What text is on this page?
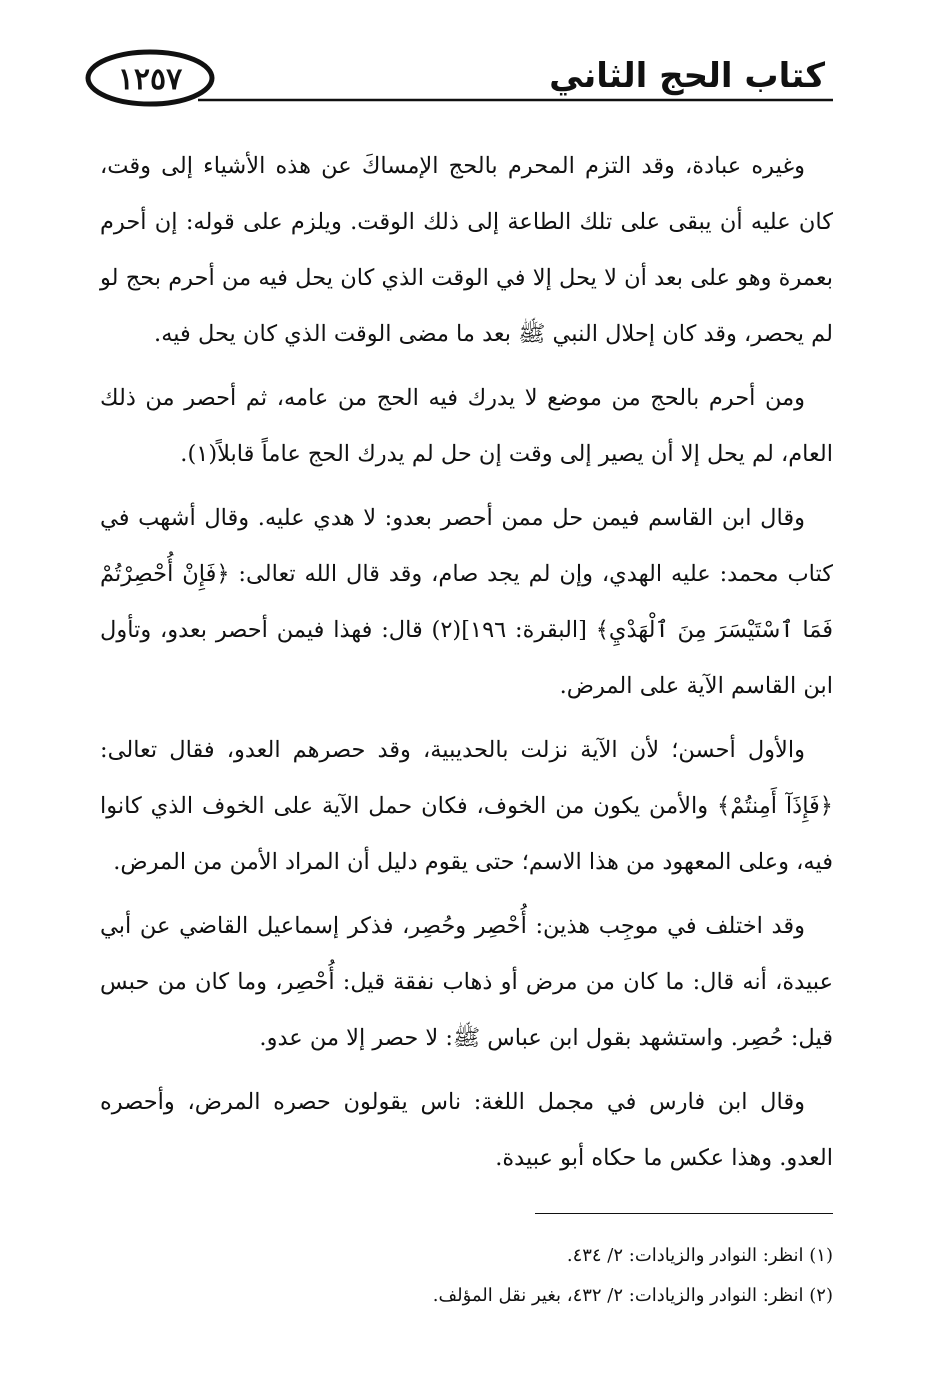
١٢٥٧	كتاب الحج الثاني

وغيره عبادة، وقد التزم المحرم بالحج الإمساكَ عن هذه الأشياء إلى وقت، كان عليه أن يبقى على تلك الطاعة إلى ذلك الوقت. ويلزم على قوله: إن أحرم بعمرة وهو على بعد أن لا يحل إلا في الوقت الذي كان يحل فيه من أحرم بحج لو لم يحصر، وقد كان إحلال النبي ﷺ بعد ما مضى الوقت الذي كان يحل فيه.

ومن أحرم بالحج من موضع لا يدرك فيه الحج من عامه، ثم أحصر من ذلك العام، لم يحل إلا أن يصير إلى وقت إن حل لم يدرك الحج عاماً قابلاً(١).

وقال ابن القاسم فيمن حل ممن أحصر بعدو: لا هدي عليه. وقال أشهب في كتاب محمد: عليه الهدي، وإن لم يجد صام، وقد قال الله تعالى: ﴿فَإِنْ أُحْصِرْتُمْ فَمَا ٱسْتَيْسَرَ مِنَ ٱلْهَدْيِ﴾ [البقرة: ١٩٦](٢) قال: فهذا فيمن أحصر بعدو، وتأول ابن القاسم الآية على المرض.

والأول أحسن؛ لأن الآية نزلت بالحديبية، وقد حصرهم العدو، فقال تعالى: ﴿فَإِذَآ أَمِنتُمْ﴾ والأمن يكون من الخوف، فكان حمل الآية على الخوف الذي كانوا فيه، وعلى المعهود من هذا الاسم؛ حتى يقوم دليل أن المراد الأمن من المرض.

وقد اختلف في موجِب هذين: أُحْصِر وحُصِر، فذكر إسماعيل القاضي عن أبي عبيدة، أنه قال: ما كان من مرض أو ذهاب نفقة قيل: أُحْصِر، وما كان من حبس قيل: حُصِر. واستشهد بقول ابن عباس ﷺ: لا حصر إلا من عدو.

وقال ابن فارس في مجمل اللغة: ناس يقولون حصره المرض، وأحصره العدو. وهذا عكس ما حكاه أبو عبيدة.

(١) انظر: النوادر والزيادات: ٢/ ٤٣٤.

(٢) انظر: النوادر والزيادات: ٢/ ٤٣٢، بغير نقل المؤلف.
